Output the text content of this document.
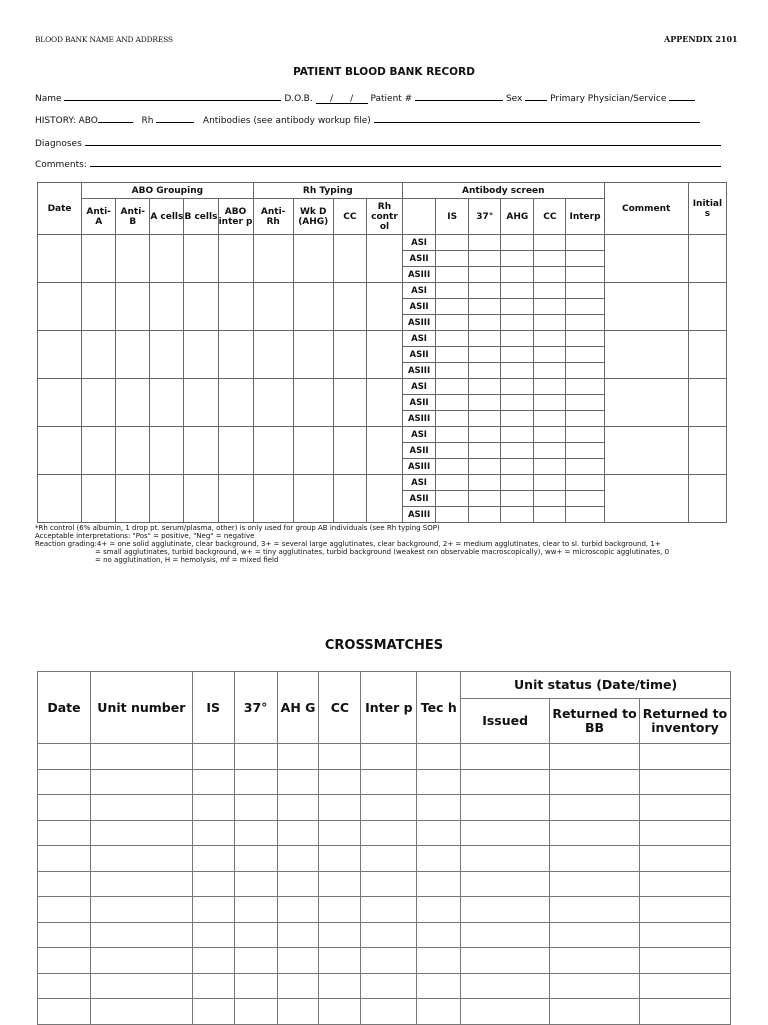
BLOOD BANK NAME AND ADDRESS	APPENDIX 2101
PATIENT BLOOD BANK RECORD
Name	D.O.B. /      / Patient #	Sex	Primary Physician/Service
HISTORY: ABO	Rh	Antibodies (see antibody workup file)
Diagnoses
Comments:
Date	ABO Grouping					Rh Typing				Antibody screen						Comment	Initial s
	Anti- A	Anti- B	A cells	B cells	ABO inter p	Anti- Rh	Wk D (AHG)	CC	Rh contr ol		IS	37°	AHG	CC	Interp		
										ASI							
										ASII							
										ASIII							
										ASI							
										ASII							
										ASIII							
										ASI							
										ASII							
										ASIII							
										ASI							
										ASII							
										ASIII							
										ASI							
										ASII							
										ASIII							
										ASI							
										ASII							
										ASIII							
*Rh control (6% albumin, 1 drop pt. serum/plasma, other) is only used for group AB individuals (see Rh typing SOP)
Acceptable interpretations: "Pos" = positive, "Neg" = negative
Reaction grading:4+ = one solid agglutinate, clear background, 3+ = several large agglutinates, clear background, 2+ = medium agglutinates, clear to sl. turbid background, 1+
= small agglutinates, turbid background, w+ = tiny agglutinates, turbid background (weakest rxn observable macroscopically), ww+ = microscopic agglutinates, 0
= no agglutination, H = hemolysis, mf = mixed field
CROSSMATCHES
Date	Unit number	IS	37°	AH G	CC	Inter p	Tec h	Unit status (Date/time)		
								Issued	Returned to BB	Returned to inventory
